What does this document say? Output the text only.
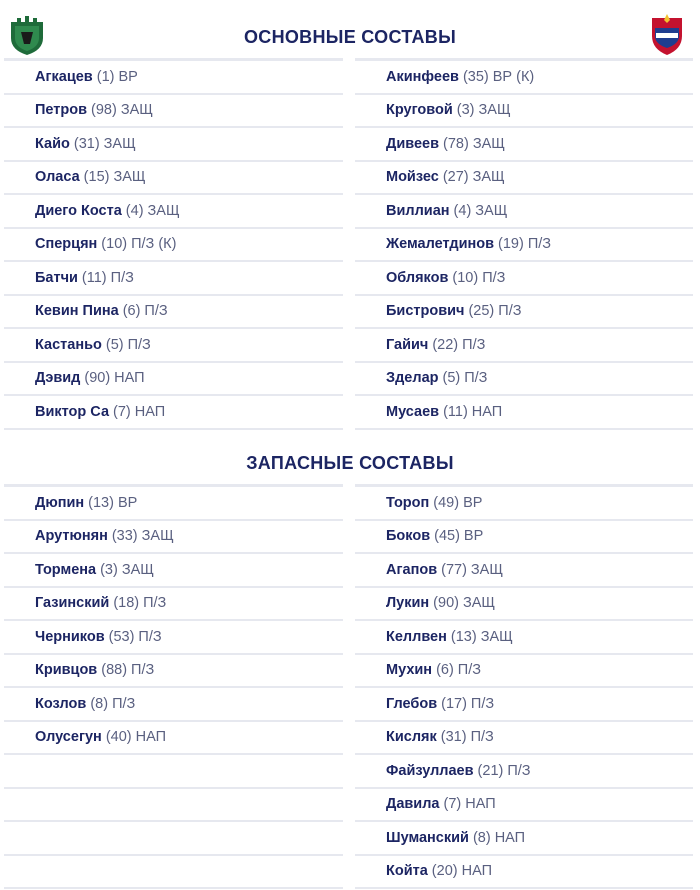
ОСНОВНЫЕ СОСТАВЫ
ЗАПАСНЫЕ СОСТАВЫ
Агкацев (1) ВР
Петров (98) ЗАЩ
Кайо (31) ЗАЩ
Оласа (15) ЗАЩ
Диего Коста (4) ЗАЩ
Сперцян (10) П/З (К)
Батчи (11) П/З
Кевин Пина (6) П/З
Кастаньо (5) П/З
Дэвид (90) НАП
Виктор Са (7) НАП
Акинфеев (35) ВР (К)
Круговой (3) ЗАЩ
Дивеев (78) ЗАЩ
Мойзес (27) ЗАЩ
Виллиан (4) ЗАЩ
Жемалетдинов (19) П/З
Обляков (10) П/З
Бистрович (25) П/З
Гайич (22) П/З
Зделар (5) П/З
Мусаев (11) НАП
Дюпин (13) ВР
Арутюнян (33) ЗАЩ
Тормена (3) ЗАЩ
Газинский (18) П/З
Черников (53) П/З
Кривцов (88) П/З
Козлов (8) П/З
Олусегун (40) НАП
Тороп (49) ВР
Боков (45) ВР
Агапов (77) ЗАЩ
Лукин (90) ЗАЩ
Келлвен (13) ЗАЩ
Мухин (6) П/З
Глебов (17) П/З
Кисляк (31) П/З
Файзуллаев (21) П/З
Давила (7) НАП
Шуманский (8) НАП
Койта (20) НАП
